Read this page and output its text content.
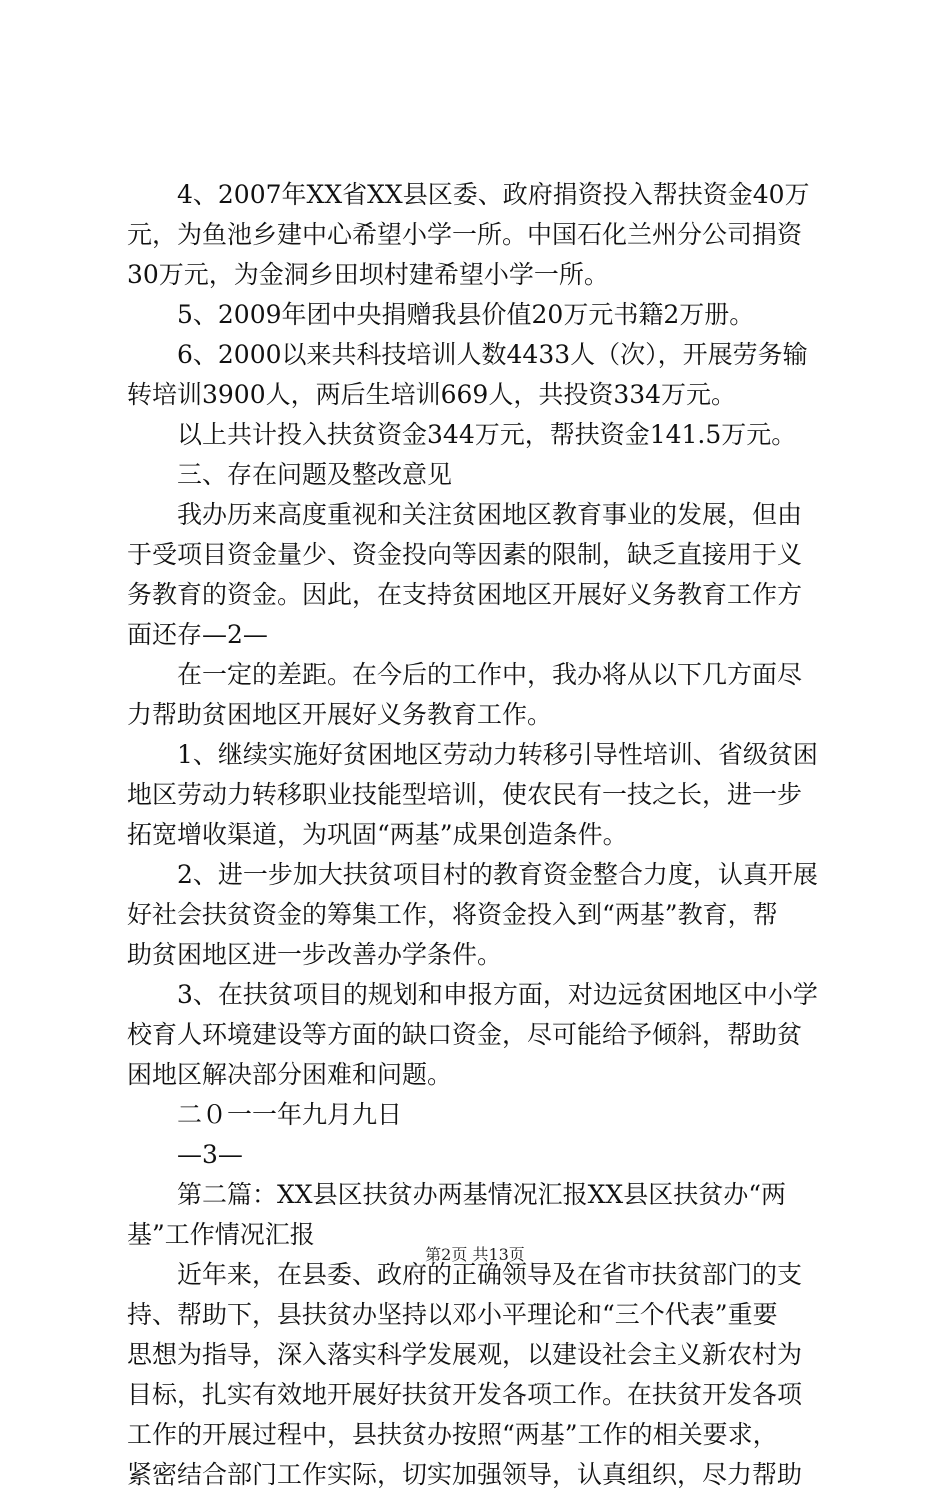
　　4、2007年XX省XX县区委、政府捐资投入帮扶资金40万
元，为鱼池乡建中心希望小学一所。中国石化兰州分公司捐资
30万元，为金洞乡田坝村建希望小学一所。
　　5、2009年团中央捐赠我县价值20万元书籍2万册。
　　6、2000以来共科技培训人数4433人（次），开展劳务输
转培训3900人，两后生培训669人，共投资334万元。
　　以上共计投入扶贫资金344万元，帮扶资金141.5万元。
　　三、存在问题及整改意见
　　我办历来高度重视和关注贫困地区教育事业的发展，但由
于受项目资金量少、资金投向等因素的限制，缺乏直接用于义
务教育的资金。因此，在支持贫困地区开展好义务教育工作方
面还存—2—
　　在一定的差距。在今后的工作中，我办将从以下几方面尽
力帮助贫困地区开展好义务教育工作。
　　1、继续实施好贫困地区劳动力转移引导性培训、省级贫困
地区劳动力转移职业技能型培训，使农民有一技之长，进一步
拓宽增收渠道，为巩固“两基”成果创造条件。
　　2、进一步加大扶贫项目村的教育资金整合力度，认真开展
好社会扶贫资金的筹集工作，将资金投入到“两基”教育，帮
助贫困地区进一步改善办学条件。
　　3、在扶贫项目的规划和申报方面，对边远贫困地区中小学
校育人环境建设等方面的缺口资金，尽可能给予倾斜，帮助贫
困地区解决部分困难和问题。
　　二０一一年九月九日
　　—3—
　　第二篇：XX县区扶贫办两基情况汇报XX县区扶贫办“两
基”工作情况汇报
　　近年来，在县委、政府的正确领导及在省市扶贫部门的支
持、帮助下，县扶贫办坚持以邓小平理论和“三个代表”重要
思想为指导，深入落实科学发展观，以建设社会主义新农村为
目标，扎实有效地开展好扶贫开发各项工作。在扶贫开发各项
工作的开展过程中，县扶贫办按照“两基”工作的相关要求，
紧密结合部门工作实际，切实加强领导，认真组织，尽力帮助
第2页 共13页
